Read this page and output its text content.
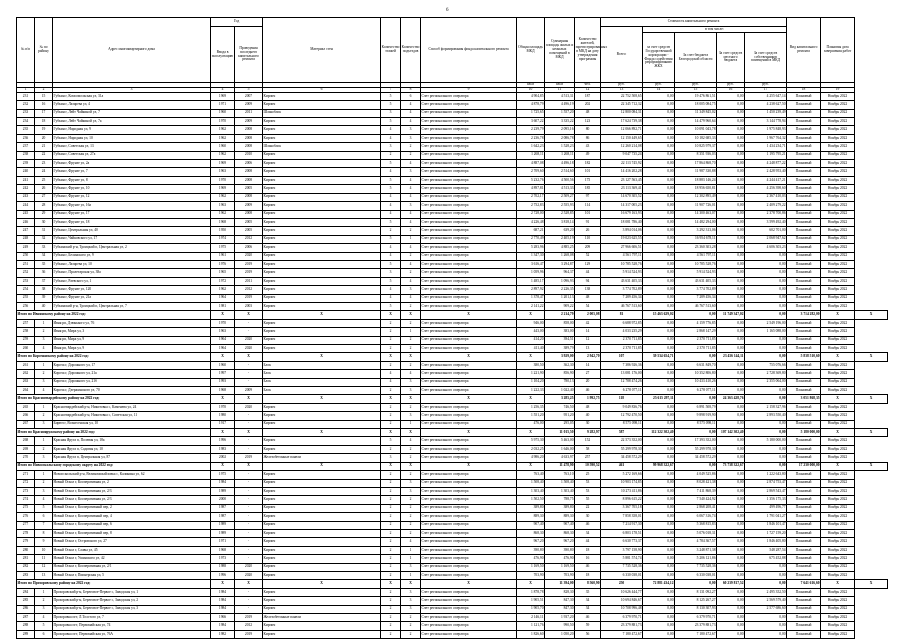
6
№ п/п	№ по району	Адрес многоквартирного дома	Год		Материал стен	Количество этажей	Количество подъездов	Способ формирования фонда капитального ремонта	Общая площадь МКД	Суммарная площадь жилых и нежилых помещений в МКД	Количество жителей, зарегистрированных в МКД на дату утверждения программы	Стоимость капитального ремонта					Вид капитального ремонта	Плановая дата завершения работ	
			Ввода в эксплуатацию	Проведения последнего капитального ремонта								Всего:	в том числе:						
													за счет средств Государственной корпорации - Фонда содействия реформированию ЖКХ	За счет бюджета Белгородской области	За счет средств местного бюджета	За счет средств собственников помещений в МКД			
									кв.м	кв.м	чел.	руб.	руб.	руб.	руб.	руб.			
1	2	3	4	5	6	7	8	9	10	11	12	13	14	15	16	17	18	19	
231	15	Губкин г, Комсомольская ул, 31а	1969	2007	Кирпич	5	6	Счет регионального оператора	4 904,85	4 513,31	187	22 752 508,65	0,00	19 476 861,51	0,00	4 255 647,14	Плановый	Ноябрь 2022	
232	16	Губкин г, Лазарева ул, 4	1971	2009	Кирпич	5	4	Счет регионального оператора	4 878,79	4 496,19	202	22 345 712,32	0,00	18 005 084,75	0,00	4 238 627,50	Плановый	Ноябрь 2022	
233	17	Губкин г, Лейт Чайкиной ул, 7	1960	2011	Шлакоблок	3	4	Счет регионального оператора	1 725,65	1 557,20	48	12 800 084,31	0,00	11 349 845,02	0,00	1 450 239,49	Плановый	Ноябрь 2022	
234	18	Губкин г, Лейт Чайкиной ул, 7а	1970	2009	Кирпич	5	4	Счет регионального оператора	3 607,22	3 335,22	123	17 624 739,38	0,00	14 479 960,64	0,00	3 144 778,94	Плановый	Ноябрь 2022	
235	19	Губкин г, Народная ул, 9	1962	2008	Кирпич	4	3	Счет регионального оператора	2 239,79	2 095,16	80	12 066 892,71	0,00	10 091 043,78	0,00	1 975 848,93	Плановый	Ноябрь 2022	
236	20	Губкин г, Народная ул, 10	1962	2008	Кирпич	4	3	Счет регионального оператора	2 236,78	2 086,78	86	12 150 449,65	0,00	10 182 685,33	0,00	1 967 764,32	Плановый	Ноябрь 2022	
237	21	Губкин г, Советская ул, 13	1960	2008	Шлакоблок	3	2	Счет регионального оператора	1 642,23	1 528,23	43	12 260 214,08	0,00	10 825 979,37	0,00	1 434 234,71	Плановый	Ноябрь 2022	
238	22	Губкин г, Советская ул, 27а	1962	2010	Кирпич	2	2	Счет регионального оператора	1 268,11	1 268,11	49	9 047 735,24	0,00	8 351 936,03	0,00	1 195 795,21	Плановый	Ноябрь 2022	
239	23	Губкин г, Фрунзе ул, 2а	1969	2006	Кирпич	5	4	Счет регионального оператора	4 887,08	4 496,18	182	22 113 745,92	0,00	17 864 868,70	0,00	4 248 877,22	Плановый	Ноябрь 2022	
240	24	Губкин г, Фрунзе ул, 7	1963	2008	Кирпич	4	3	Счет регионального оператора	2 709,60	2 514,60	101	14 416 202,28	0,00	11 987 330,88	0,00	2 428 953,40	Плановый	Ноябрь 2022	
241	25	Губкин г, Фрунзе ул, 8	1970	2008	Кирпич	5	4	Счет регионального оператора	5 232,76	4 500,56	175	23 127 563,45	0,00	18 883 146,24	0,00	4 244 417,21	Плановый	Ноябрь 2022	
242	26	Губкин г, Фрунзе ул, 10	1969	2005	Кирпич	5	4	Счет регионального оператора	4 897,81	4 513,33	185	23 113 369,41	0,00	18 956 650,81	0,00	4 256 398,60	Плановый	Ноябрь 2022	
243	27	Губкин г, Фрунзе ул, 12	1962	2008	Кирпич	4	4	Счет регионального оператора	2 702,17	2 509,27	97	14 670 305,52	0,00	12 302 895,49	0,00	2 367 410,03	Плановый	Ноябрь 2022	
244	28	Губкин г, Фрунзе ул, 16а	1963	2009	Кирпич	4	3	Счет регионального оператора	2 752,83	2 555,93	114	14 317 005,23	0,00	11 907 726,01	0,00	2 409 279,22	Плановый	Ноябрь 2022	
245	29	Губкин г, Фрунзе ул, 17	1962	2008	Кирпич	4	4	Счет регионального оператора	2 728,00	2 528,85	101	16 679 163,93	0,00	14 300 463,07	0,00	2 378 700,86	Плановый	Ноябрь 2022	
246	30	Губкин г, Фрунзе ул, 18	1968	2005	Кирпич	5	4	Счет регионального оператора	4 226,48	3 818,14	91	18 081 786,40	0,00	14 482 294,00	0,00	3 599 492,40	Плановый	Ноябрь 2022	
247	31	Губкин г, Центральная ул, 40	1950	2005	Кирпич	2	2	Счет регионального оператора	687,21	639,20	26	3 894 014,06	0,00	3 292 313,06	0,00	602 701,00	Плановый	Ноябрь 2022	
248	32	Губкин г, Чайковского ул, 17	1974	2012	Кирпич	5	1	Счет регионального оператора	2 770,49	2 405,19	110	19 023 625,55	0,00	16 954 678,11	0,00	2 068 947,62	Плановый	Ноябрь 2022	
249	33	Губкинский р-н, Троицкий п, Центральная ул, 2	1975	2006	Кирпич	4	4	Счет регионального оператора	5 283,96	4 885,25	209	27 966 606,51	0,00	23 360 303,28	0,00	4 606 303,23	Плановый	Ноябрь 2022	
250	34	Губкин г, Белинского ул, 9	1961	2020	Кирпич	4	2	Счет регионального оператора	1 347,30	1 268,08	52	4 561 797,11	0,00	4 561 797,11	0,00	0,00	Плановый	Ноябрь 2022	
251	35	Губкин г, Лазарева ул, 10	1976	2019	Кирпич	5	4	Счет регионального оператора	3 616,47	3 294,87	129	10 785 528,76	0,00	10 785 528,76	0,00	0,00	Плановый	Ноябрь 2022	
252	36	Губкин г, Пролетарская ул, 38а	1965	2019	Кирпич	3	2	Счет регионального оператора	1 059,96	964,37	44	5 914 524,93	0,00	5 914 524,93	0,00	0,00	Плановый	Ноябрь 2022	
253	37	Губкин г, Раевского ул, 1	1972	2011	Кирпич	5	4	Счет регионального оператора	1 485,17	1 096,93	94	43 631 405,33	0,00	43 631 405,33	0,00	0,00	Плановый	Ноябрь 2022	
254	38	Губкин г, Фрунзе ул, 120	1962	2012	Кирпич	4	3	Счет регионального оператора	2 897,92	2 226,35	138	3 774 702,89	0,00	3 774 702,89	0,00	0,00	Плановый	Ноябрь 2022	
255	39	Губкин г, Фрунзе ул, 21а	1964	2019	Кирпич	4	4	Счет регионального оператора	1 378,47	1 201,13	48	7 289 456,34	0,00	7 289 456,34	0,00	0,00	Плановый	Ноябрь 2022	
256	40	Губкинский р-н, Троицкий п, Центральная ул, 7	1981	2003	Кирпич	5	2	Счет регионального оператора	2 141,22	909,22	54	46 767 513,60	0,00	46 767 513,60	0,00	0,00	Плановый	Ноябрь 2022	
Итого по Ивнянскому району на 2022 год:			X	X	X	X	X	X	X	2 214,79	2 005,08	81	15 463 629,02	0,00	11 749 347,02	0,00	3 714 282,00	X	X
257	1	Ивня рп, Дзюнького ул, 76	1970	-	Кирпич	2	2	Счет регионального оператора	946,00	858,00	42	6 688 972,85	0,00	4 159 776,85	0,00	2 549 196,00	Плановый	Ноябрь 2022	
258	2	Ивня рп, Мира ул, 3	1963	-	Кирпич	2	1	Счет регионального оператора	443,00	383,00	14	4 033 235,29	0,00	2 868 147,29	0,00	1 165 088,00	Плановый	Ноябрь 2022	
259	3	Ивня рп, Мира ул, 9	1964	2020	Кирпич	2	2	Счет регионального оператора	414,20	394,51	12	2 370 711,85	0,00	2 370 711,85	0,00	0,00	Плановый	Ноябрь 2022	
260	4	Ивня рп, Мира ул, 9	1964	2020	Кирпич	2	2	Счет регионального оператора	411,40	389,79	13	2 370 711,85	0,00	2 370 711,85	0,00	0,00	Плановый	Ноябрь 2022	
Итого по Корочанскому району на 2022 год:			X	X	X	X	X	X	X	3 929,00	2 942,70	107	39 534 654,71	0,00	23 456 144,11	0,00	5 838 510,60	X	X
261	1	Короча г, Дорожного ул, 17	1960	-	Блок	2	2	Счет регионального оператора	380,50	362,30	14	7 386 926,36	0,00	6 631 849,70	0,00	755 076,66	Плановый	Ноябрь 2022	
262	2	Короча г, Дорожного ул, 21а	1997	-	Блок	4	4	Счет регионального оператора	1 221,90	856,90	27	13 081 176,00	0,00	10 352 806,80	0,00	2 728 369,80	Плановый	Ноябрь 2022	
263	3	Короча г, Дорожного ул, 21б	1993	-	Блок	4	3	Счет регионального оператора	1 104,20	780,13	20	12 788 474,26	0,00	10 433 410,26	0,00	2 355 064,00	Плановый	Ноябрь 2022	
264	4	Короча г, Дзержинского ул, 70	1968	2009	Блок	2	3	Счет регионального оператора	1 222,33	1 022,40	46	6 278 077,11	0,00	6 278 077,11	0,00	0,00	Плановый	Ноябрь 2022	
Итого по Красногвардейскому району на 2022 год:			X	X	X	X	X	X	X	3 285,25	1 992,75	118	25 615 297,11	0,00	24 363 428,76	0,00	3 051 868,35	X	X
265	1	Красногвардейский р-н, Никитовка с, Каменева ул, 24	1970	2020	Кирпич	2	2	Счет регионального оператора	1 256,35	746,50	48	9 049 836,76	0,00	6 891 508,79	0,00	2 158 327,96	Плановый	Ноябрь 2022	
266	2	Красногвардейский р-н, Никитовка с, Советская ул, 11	1980	-	Кирпич	2	3	Счет регионального оператора	1 551,20	951,20	40	12 792 470,50	0,00	9 898 919,90	0,00	2 893 550,40	Плановый	Ноябрь 2022	
267	3	Бирюч г, Вознесенская ул, 10	1917	-	Кирпич	2	1	Счет регионального оператора	476,00	295,05	30	8 575 098,11	0,00	8 575 098,11	0,00	0,00	Плановый	Ноябрь 2022	
Итого по Краснояружскому району на 2022 год:			X	X	X	X	X	X	X	11 015,50	9 282,97	587	112 322 302,40	0,00	107 142 302,40	0,00	5 180 000,00	X	X
268	1	Красная Яруга п, Полевая ул, 18а	1996	-	Кирпич	5	4	Счет регионального оператора	5 975,30	5 463,00	152	22 573 352,00	0,00	17 393 352,00	0,00	5 180 000,00	Плановый	Ноябрь 2022	
269	2	Красная Яруга п, Садовая ул, 10	1983	-	Кирпич	2	2	Счет регионального оператора	2 032,25	1 646,00	58	55 299 978,30	0,00	55 299 978,30	0,00	0,00	Плановый	Ноябрь 2022	
270	3	Красная Яруга п, Центральная ул, 87	2002	2019	Железобетонные панели	3	2	Счет регионального оператора	4 986,20	4 633,97	257	34 458 572,29	0,00	34 458 572,29	0,00	0,00	Плановый	Ноябрь 2022	
Итого по Новооскольскому городскому округу на 2022 год:			X	X	X	X	X	X	X	11 478,90	10 590,52	461	99 968 322,67	0,00	73 738 322,67	0,00	17 230 000,00	X	X
271	1	Новооскольский р-н, Великомихайловка с, Калинина ул, 62	1975	-	Кирпич	2	2	Счет регионального оператора	763,40	763,10	25	5 272 169,66	0,00	4 049 525,86	0,00	1 222 643,80	Плановый	Ноябрь 2022	
272	2	Новый Оскол г, Кооперативная ул, 2	1984	-	Кирпич	2	3	Счет регионального оператора	1 508,40	1 508,40	53	10 903 174,85	0,00	8 028 421,38	0,00	2 874 753,47	Плановый	Ноябрь 2022	
273	3	Новый Оскол г, Кооперативная ул, 2/3	1989	-	Кирпич	2	3	Счет регионального оператора	1 303,40	1 303,40	53	10 273 411,86	0,00	7 411 868,39	0,00	2 869 543,47	Плановый	Ноябрь 2022	
274	4	Новый Оскол г, Кооперативная ул, 2/3	2000	-	Кирпич	2	2	Счет регионального оператора	1 502,50	788,75	55	8 896 615,22	0,00	7 540 424,92	0,00	1 356 175,33	Плановый	Ноябрь 2022	
275	5	Новый Оскол г, Кооперативный пер, 2	1987	-	Кирпич	2	2	Счет регионального оператора	389,80	389,80	22	3 367 705,18	0,00	2 868 208,41	0,00	499 496,77	Плановый	Ноябрь 2022	
276	6	Новый Оскол г, Кооперативный пер, 4	1987	-	Кирпич	2	2	Счет регионального оператора	889,30	889,30	30	7 858 358,01	0,00	6 067 316,74	0,00	1 791 041,27	Плановый	Ноябрь 2022	
277	7	Новый Оскол г, Кооперативный пер, 6	1989	-	Кирпич	2	2	Счет регионального оператора	907,40	907,40	46	7 214 917,30	0,00	5 368 815,83	0,00	1 846 101,47	Плановый	Ноябрь 2022	
278	8	Новый Оскол г, Кооперативный пер, 8	1989	-	Кирпич	2	2	Счет регионального оператора	868,30	868,30	34	6 803 178,51	0,00	5 076 018,31	0,00	1 727 159,20	Плановый	Ноябрь 2022	
279	9	Новый Оскол г, Островского ул, 27	1971	-	Кирпич	2	4	Счет регионального оператора	967,20	967,20	44	6 630 773,37	0,00	4 784 367,57	0,00	1 846 405,80	Плановый	Ноябрь 2022	
280	10	Новый Оскол г, Славы ул, 45	1968	-	Кирпич	2	1	Счет регионального оператора	390,80	390,80	18	3 797 158,90	0,00	3 248 871,38	0,00	548 287,54	Плановый	Ноябрь 2022	
281	11	Новый Оскол г, Ушинского ул, 42	1973	-	Кирпич	2	1	Счет регионального оператора	476,90	476,90	16	5 881 574,74	0,00	5 206 121,86	0,00	675 452,88	Плановый	Ноябрь 2022	
282	12	Новый Оскол г, Кооперативная ул, 2/1	1988	2020	Кирпич	2	3	Счет регионального оператора	1 169,50	1 169,50	46	7 735 528,36	0,00	7 735 528,36	0,00	0,00	Плановый	Ноябрь 2022	
283	13	Новый Оскол г, Пионерская ул, 5	1996	2020	Кирпич	2	1	Счет регионального оператора	703,90	703,90	18	6 330 038,01	0,00	6 330 038,01	0,00	0,00	Плановый	Ноябрь 2022	
Итого по Прохоровскому району на 2022 год:			X	X	X	X	X	X	X	11 394,00	8 560,90	250	72 881 434,12	0,00	60 239 817,52	0,00	7 641 616,60	X	X
284	1	Прохоровский р-н, Береговое-Первое с, Заводская ул, 1	1984	-	Кирпич	2	3	Счет регионального оператора	1 878,78	828,30	35	10 626 444,77	0,00	8 131 092,27	0,00	2 495 352,50	Плановый	Ноябрь 2022	
285	2	Прохоровский р-н, Береговое-Первое с, Заводская ул, 2	1984	-	Кирпич	2	3	Счет регионального оператора	1 905,51	847,30	34	10 694 846,67	0,00	8 125 267,27	0,00	2 569 579,40	Плановый	Ноябрь 2022	
286	3	Прохоровский р-н, Береговое-Первое с, Заводская ул, 3	1984	-	Кирпич	2	3	Счет регионального оператора	1 905,70	847,30	34	10 708 996,48	0,00	8 130 307,93	0,00	2 577 686,60	Плановый	Ноябрь 2022	
287	4	Прохоровка пгт, Л.Толстого ул, 7	1966	2019	Железобетонные панели	2	2	Счет регионального оператора	2 146,11	1 937,20	46	6 379 970,71	0,00	6 379 970,71	0,00	0,00	Плановый	Ноябрь 2022	
288	5	Прохоровка пгт, Первомайская ул, 74	1984	2012	Кирпич	2	2	Счет регионального оператора	1 121,76	990,50	59	23 379 881,73	0,00	23 379 881,73	0,00	0,00	Плановый	Ноябрь 2022	
289	6	Прохоровка пгт, Первомайская ул, 76А	1982	2019	Кирпич	2	2	Счет регионального оператора	1 826,60	1 050,20	56	7 180 472,67	0,00	7 180 472,67	0,00	0,00	Плановый	Ноябрь 2022	
